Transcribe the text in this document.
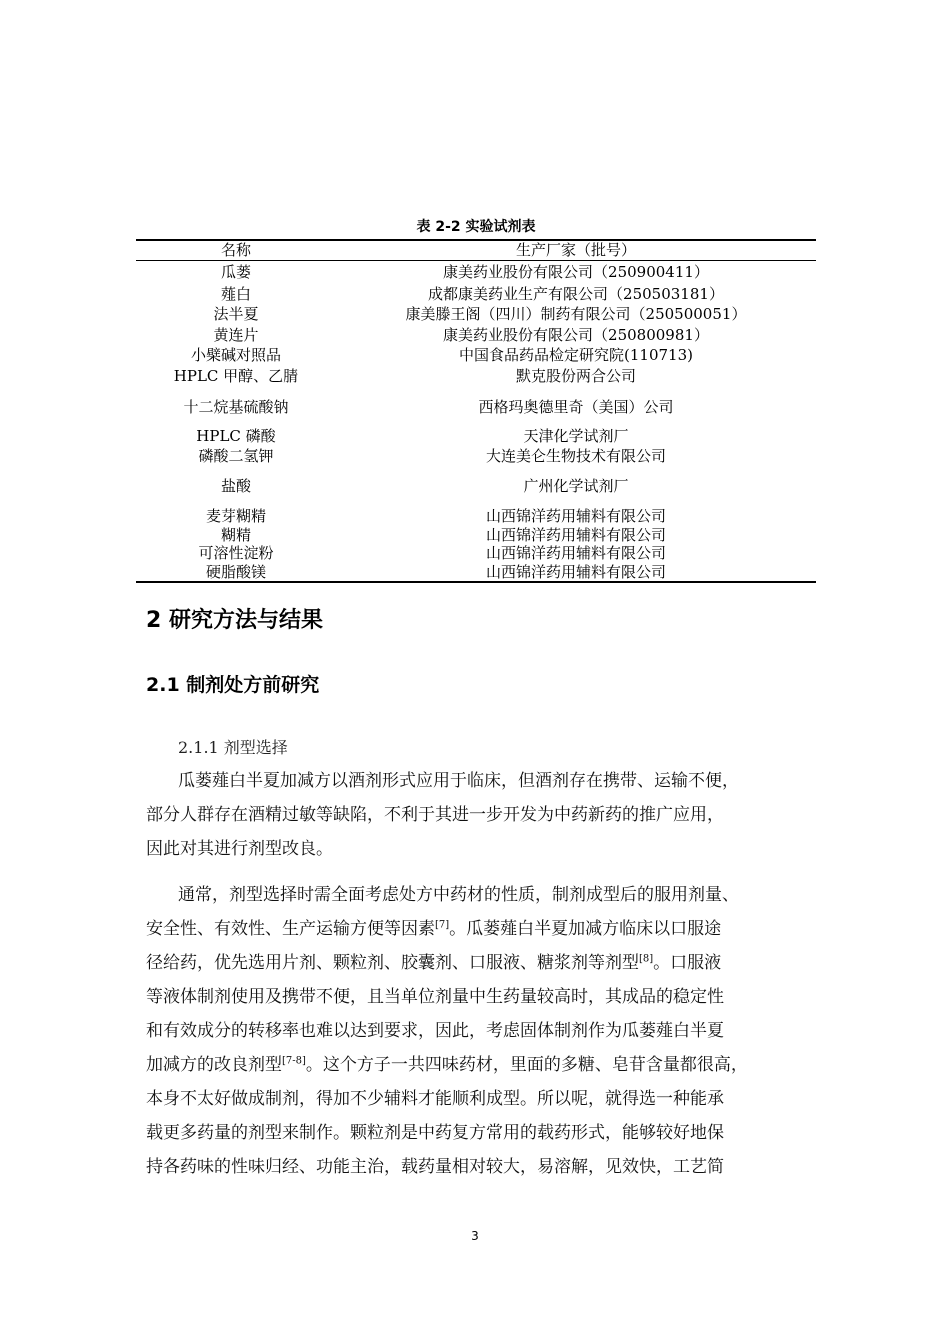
表 2-2 实验试剂表
名称	生产厂家（批号）
瓜蒌	康美药业股份有限公司（250900411）
薤白	成都康美药业生产有限公司（250503181）
法半夏	康美滕王阁（四川）制药有限公司（250500051）
黄连片	康美药业股份有限公司（250800981）
小檗碱对照品	中国食品药品检定研究院(110713)
HPLC 甲醇、乙腈	默克股份两合公司
十二烷基硫酸钠	西格玛奥德里奇（美国）公司
HPLC 磷酸	天津化学试剂厂
磷酸二氢钾	大连美仑生物技术有限公司
盐酸	广州化学试剂厂
麦芽糊精	山西锦洋药用辅料有限公司
糊精	山西锦洋药用辅料有限公司
可溶性淀粉	山西锦洋药用辅料有限公司
硬脂酸镁	山西锦洋药用辅料有限公司
2 研究方法与结果
2.1 制剂处方前研究
2.1.1 剂型选择
瓜蒌薤白半夏加减方以酒剂形式应用于临床，但酒剂存在携带、运输不便，
部分人群存在酒精过敏等缺陷，不利于其进一步开发为中药新药的推广应用，
因此对其进行剂型改良。
通常，剂型选择时需全面考虑处方中药材的性质，制剂成型后的服用剂量、
安全性、有效性、生产运输方便等因素[7]。瓜蒌薤白半夏加减方临床以口服途
径给药，优先选用片剂、颗粒剂、胶囊剂、口服液、糖浆剂等剂型[8]。口服液
等液体制剂使用及携带不便，且当单位剂量中生药量较高时，其成品的稳定性
和有效成分的转移率也难以达到要求，因此，考虑固体制剂作为瓜蒌薤白半夏
加减方的改良剂型[7-8]。这个方子一共四味药材，里面的多糖、皂苷含量都很高，
本身不太好做成制剂，得加不少辅料才能顺利成型。所以呢，就得选一种能承
载更多药量的剂型来制作。颗粒剂是中药复方常用的载药形式，能够较好地保
持各药味的性味归经、功能主治，载药量相对较大，易溶解，见效快，工艺简
3
